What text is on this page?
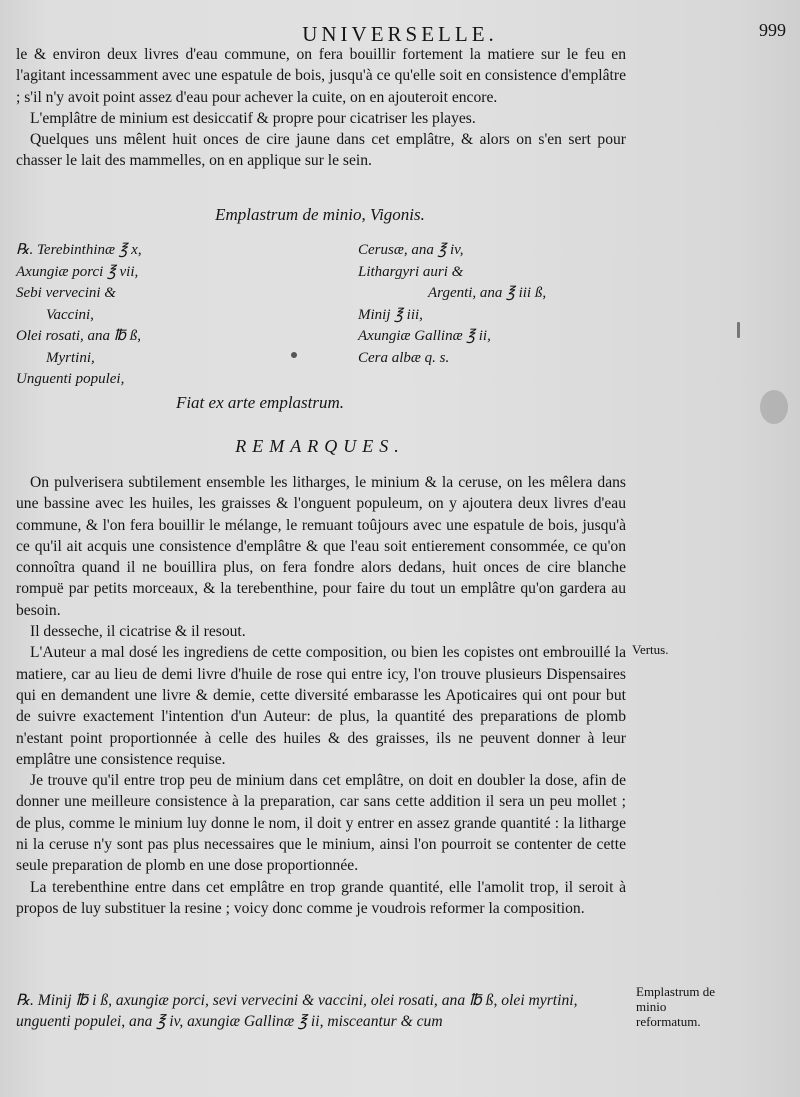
UNIVERSELLE.	999

le & environ deux livres d'eau commune, on fera bouillir fortement la matiere sur le feu en l'agitant incessamment avec une espatule de bois, jusqu'à ce qu'elle soit en consistence d'emplâtre ; s'il n'y avoit point assez d'eau pour achever la cuite, on en ajouteroit encore.

L'emplâtre de minium est desiccatif & propre pour cicatriser les playes.

Quelques uns mêlent huit onces de cire jaune dans cet emplâtre, & alors on s'en sert pour chasser le lait des mammelles, on en applique sur le sein.

Emplastrum de minio, Vigonis.
℞. Terebinthinæ ℥ x,
Axungiæ porci ℥ vii,
Sebi vervecini &
Vaccini,
Olei rosati, ana ℔ ß,
Myrtini,
Unguenti populei,
Cerusæ, ana ℥ iv,
Lithargyri auri &
Argenti, ana ℥ iii ß,
Minij ℥ iii,
Axungiæ Gallinæ ℥ ii,
Cera albæ q. s.
Fiat ex arte emplastrum.
REMARQUES.

On pulverisera subtilement ensemble les litharges, le minium & la ceruse, on les mêlera dans une bassine avec les huiles, les graisses & l'onguent populeum, on y ajoutera deux livres d'eau commune, & l'on fera bouillir le mélange, le remuant toûjours avec une espatule de bois, jusqu'à ce qu'il ait acquis une consistence d'emplâtre & que l'eau soit entierement consommée, ce qu'on connoîtra quand il ne bouillira plus, on fera fondre alors dedans, huit onces de cire blanche rompuë par petits morceaux, & la terebenthine, pour faire du tout un emplâtre qu'on gardera au besoin.

Il desseche, il cicatrise & il resout.

L'Auteur a mal dosé les ingrediens de cette composition, ou bien les copistes ont embrouillé la matiere, car au lieu de demi livre d'huile de rose qui entre icy, l'on trouve plusieurs Dispensaires qui en demandent une livre & demie, cette diversité embarasse les Apoticaires qui ont pour but de suivre exactement l'intention d'un Auteur: de plus, la quantité des preparations de plomb n'estant point proportionnée à celle des huiles & des graisses, ils ne peuvent donner à leur emplâtre une consistence requise.

Je trouve qu'il entre trop peu de minium dans cet emplâtre, on doit en doubler la dose, afin de donner une meilleure consistence à la preparation, car sans cette addition il sera un peu mollet ; de plus, comme le minium luy donne le nom, il doit y entrer en assez grande quantité : la litharge ni la ceruse n'y sont pas plus necessaires que le minium, ainsi l'on pourroit se contenter de cette seule preparation de plomb en une dose proportionnée.

La terebenthine entre dans cet emplâtre en trop grande quantité, elle l'amolit trop, il seroit à propos de luy substituer la resine ; voicy donc comme je voudrois reformer la composition.

℞. Minij ℔ i ß, axungiæ porci, sevi vervecini & vaccini, olei rosati, ana ℔ ß, olei myrtini, unguenti populei, ana ℥ iv, axungiæ Gallinæ ℥ ii, misceantur & cum
Vertus.
Emplastrum de minio reformatum.
